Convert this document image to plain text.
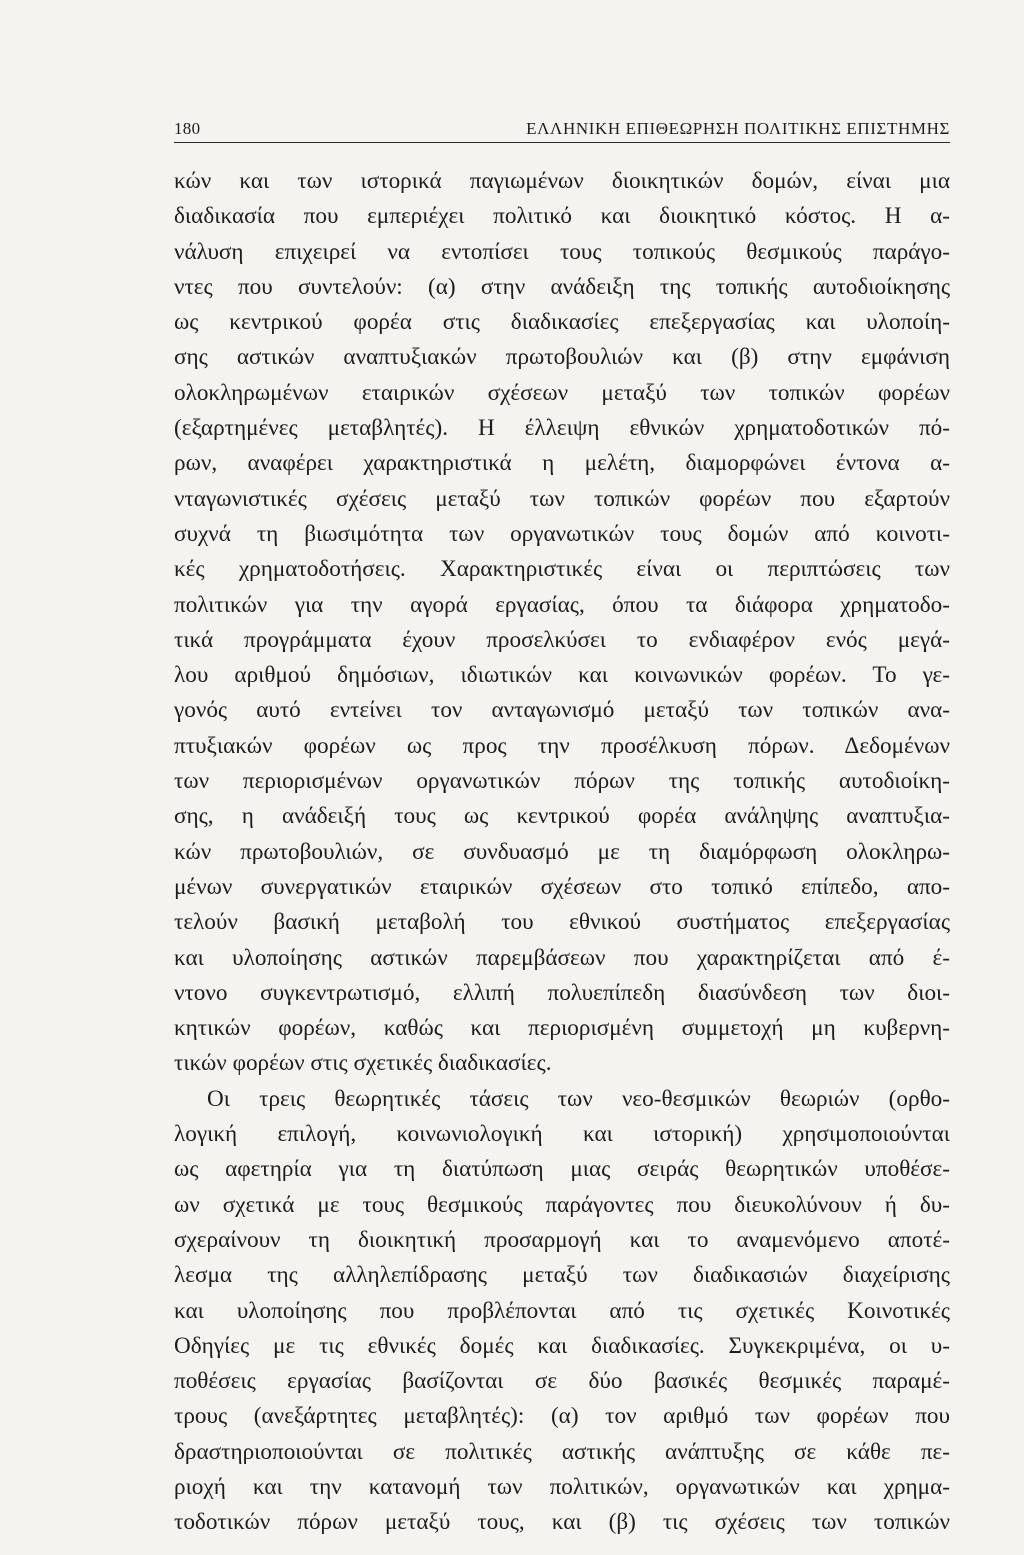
180	ΕΛΛΗΝΙΚΗ ΕΠΙΘΕΩΡΗΣΗ ΠΟΛΙΤΙΚΗΣ ΕΠΙΣΤΗΜΗΣ
κών και των ιστορικά παγιωμένων διοικητικών δομών, είναι μια
διαδικασία που εμπεριέχει πολιτικό και διοικητικό κόστος. Η α-
νάλυση επιχειρεί να εντοπίσει τους τοπικούς θεσμικούς παράγο-
ντες που συντελούν: (α) στην ανάδειξη της τοπικής αυτοδιοίκησης
ως κεντρικού φορέα στις διαδικασίες επεξεργασίας και υλοποίη-
σης αστικών αναπτυξιακών πρωτοβουλιών και (β) στην εμφάνιση
ολοκληρωμένων εταιρικών σχέσεων μεταξύ των τοπικών φορέων
(εξαρτημένες μεταβλητές). Η έλλειψη εθνικών χρηματοδοτικών πό-
ρων, αναφέρει χαρακτηριστικά η μελέτη, διαμορφώνει έντονα α-
νταγωνιστικές σχέσεις μεταξύ των τοπικών φορέων που εξαρτούν
συχνά τη βιωσιμότητα των οργανωτικών τους δομών από κοινοτι-
κές χρηματοδοτήσεις. Χαρακτηριστικές είναι οι περιπτώσεις των
πολιτικών για την αγορά εργασίας, όπου τα διάφορα χρηματοδο-
τικά προγράμματα έχουν προσελκύσει το ενδιαφέρον ενός μεγά-
λου αριθμού δημόσιων, ιδιωτικών και κοινωνικών φορέων. Το γε-
γονός αυτό εντείνει τον ανταγωνισμό μεταξύ των τοπικών ανα-
πτυξιακών φορέων ως προς την προσέλκυση πόρων. Δεδομένων
των περιορισμένων οργανωτικών πόρων της τοπικής αυτοδιοίκη-
σης, η ανάδειξή τους ως κεντρικού φορέα ανάληψης αναπτυξια-
κών πρωτοβουλιών, σε συνδυασμό με τη διαμόρφωση ολοκληρω-
μένων συνεργατικών εταιρικών σχέσεων στο τοπικό επίπεδο, απο-
τελούν βασική μεταβολή του εθνικού συστήματος επεξεργασίας
και υλοποίησης αστικών παρεμβάσεων που χαρακτηρίζεται από έ-
ντονο συγκεντρωτισμό, ελλιπή πολυεπίπεδη διασύνδεση των διοι-
κητικών φορέων, καθώς και περιορισμένη συμμετοχή μη κυβερνη-
τικών φορέων στις σχετικές διαδικασίες.
Οι τρεις θεωρητικές τάσεις των νεο-θεσμικών θεωριών (ορθο-
λογική επιλογή, κοινωνιολογική και ιστορική) χρησιμοποιούνται
ως αφετηρία για τη διατύπωση μιας σειράς θεωρητικών υποθέσε-
ων σχετικά με τους θεσμικούς παράγοντες που διευκολύνουν ή δυ-
σχεραίνουν τη διοικητική προσαρμογή και το αναμενόμενο αποτέ-
λεσμα της αλληλεπίδρασης μεταξύ των διαδικασιών διαχείρισης
και υλοποίησης που προβλέπονται από τις σχετικές Κοινοτικές
Οδηγίες με τις εθνικές δομές και διαδικασίες. Συγκεκριμένα, οι υ-
ποθέσεις εργασίας βασίζονται σε δύο βασικές θεσμικές παραμέ-
τρους (ανεξάρτητες μεταβλητές): (α) τον αριθμό των φορέων που
δραστηριοποιούνται σε πολιτικές αστικής ανάπτυξης σε κάθε πε-
ριοχή και την κατανομή των πολιτικών, οργανωτικών και χρημα-
τοδοτικών πόρων μεταξύ τους, και (β) τις σχέσεις των τοπικών
